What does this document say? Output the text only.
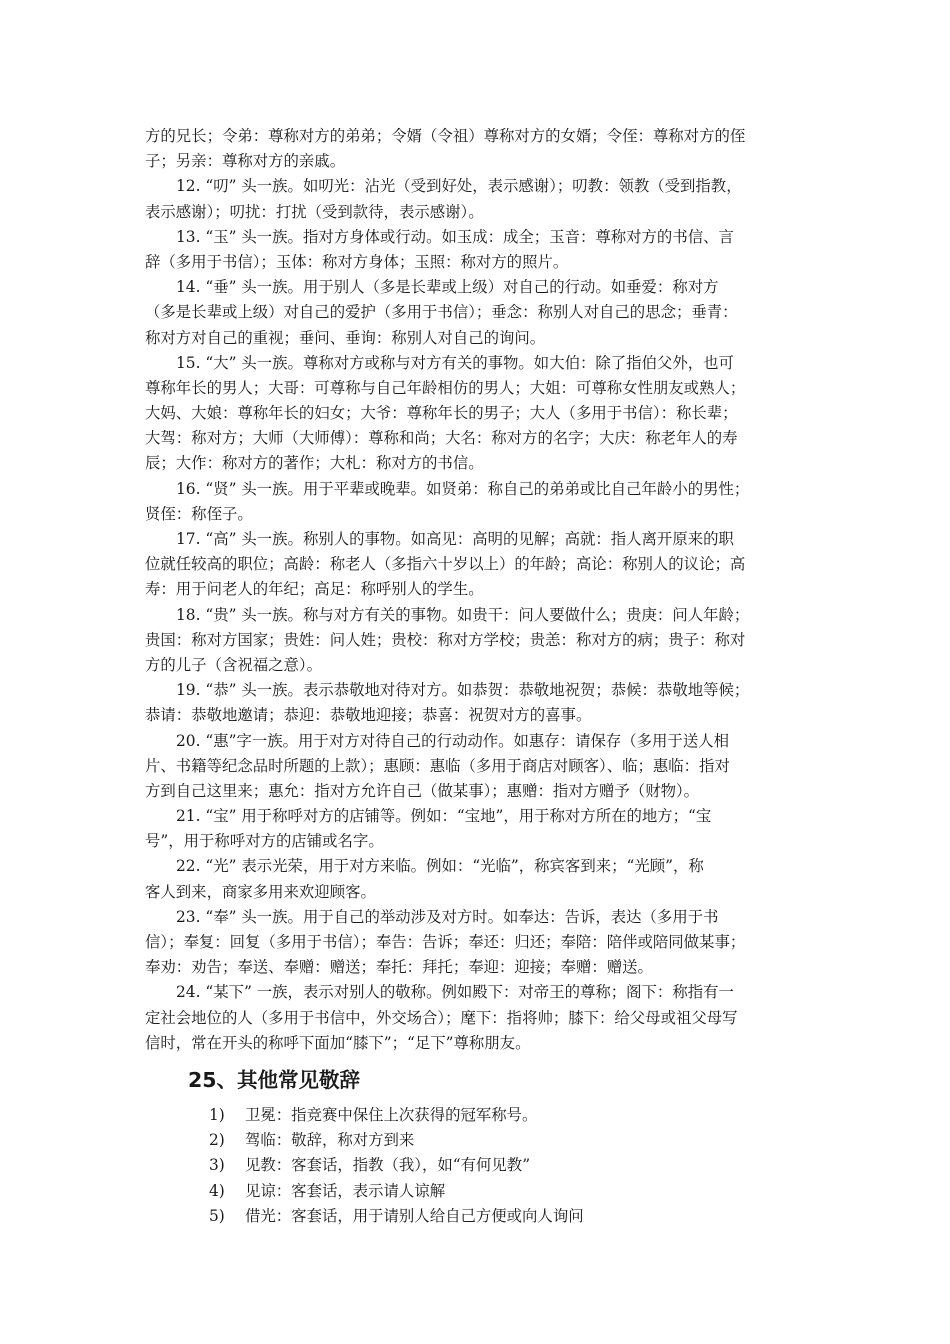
方的兄长；令弟：尊称对方的弟弟；令婿（令祖）尊称对方的女婿；令侄：尊称对方的侄
子；另亲：尊称对方的亲戚。
12. “叨” 头一族。如叨光：沾光（受到好处，表示感谢）；叨教：领教（受到指教，
表示感谢）；叨扰：打扰（受到款待，表示感谢）。
13. “玉” 头一族。指对方身体或行动。如玉成：成全；玉音：尊称对方的书信、言
辞（多用于书信）；玉体：称对方身体；玉照：称对方的照片。
14. “垂” 头一族。用于别人（多是长辈或上级）对自己的行动。如垂爱：称对方
（多是长辈或上级）对自己的爱护（多用于书信）；垂念：称别人对自己的思念；垂青：
称对方对自己的重视；垂问、垂询：称别人对自己的询问。
15. “大” 头一族。尊称对方或称与对方有关的事物。如大伯：除了指伯父外，也可
尊称年长的男人；大哥：可尊称与自己年龄相仿的男人；大姐：可尊称女性朋友或熟人；
大妈、大娘：尊称年长的妇女；大爷：尊称年长的男子；大人（多用于书信）：称长辈；
大驾：称对方；大师（大师傅）：尊称和尚；大名：称对方的名字；大庆：称老年人的寿
辰；大作：称对方的著作；大札：称对方的书信。
16. “贤” 头一族。用于平辈或晚辈。如贤弟：称自己的弟弟或比自己年龄小的男性；
贤侄：称侄子。
17. “高” 头一族。称别人的事物。如高见：高明的见解；高就：指人离开原来的职
位就任较高的职位；高龄：称老人（多指六十岁以上）的年龄；高论：称别人的议论；高
寿：用于问老人的年纪；高足：称呼别人的学生。
18. “贵” 头一族。称与对方有关的事物。如贵干：问人要做什么；贵庚：问人年龄；
贵国：称对方国家；贵姓：问人姓；贵校：称对方学校；贵恙：称对方的病；贵子：称对
方的儿子（含祝福之意）。
19. “恭” 头一族。表示恭敬地对待对方。如恭贺：恭敬地祝贺；恭候：恭敬地等候；
恭请：恭敬地邀请；恭迎：恭敬地迎接；恭喜：祝贺对方的喜事。
20. “惠”字一族。用于对方对待自己的行动动作。如惠存：请保存（多用于送人相
片、书籍等纪念品时所题的上款）；惠顾：惠临（多用于商店对顾客）、临；惠临：指对
方到自己这里来；惠允：指对方允许自己（做某事）；惠赠：指对方赠予（财物）。
21. “宝” 用于称呼对方的店铺等。例如：“宝地”，用于称对方所在的地方；“宝
号”，用于称呼对方的店铺或名字。
22. “光” 表示光荣，用于对方来临。例如：“光临”，称宾客到来；“光顾”，称
客人到来，商家多用来欢迎顾客。
23. “奉” 头一族。用于自己的举动涉及对方时。如奉达：告诉，表达（多用于书
信）；奉复：回复（多用于书信）；奉告：告诉；奉还：归还；奉陪：陪伴或陪同做某事；
奉劝：劝告；奉送、奉赠：赠送；奉托：拜托；奉迎：迎接；奉赠：赠送。
24. “某下” 一族，表示对别人的敬称。例如殿下：对帝王的尊称；阁下：称指有一
定社会地位的人（多用于书信中，外交场合）；麾下：指将帅；膝下：给父母或祖父母写
信时，常在开头的称呼下面加“膝下”；“足下”尊称朋友。
25、其他常见敬辞
1) 卫冕：指竞赛中保住上次获得的冠军称号。
2) 驾临：敬辞，称对方到来
3) 见教：客套话，指教（我），如“有何见教”
4) 见谅：客套话，表示请人谅解
5) 借光：客套话，用于请别人给自己方便或向人询问
